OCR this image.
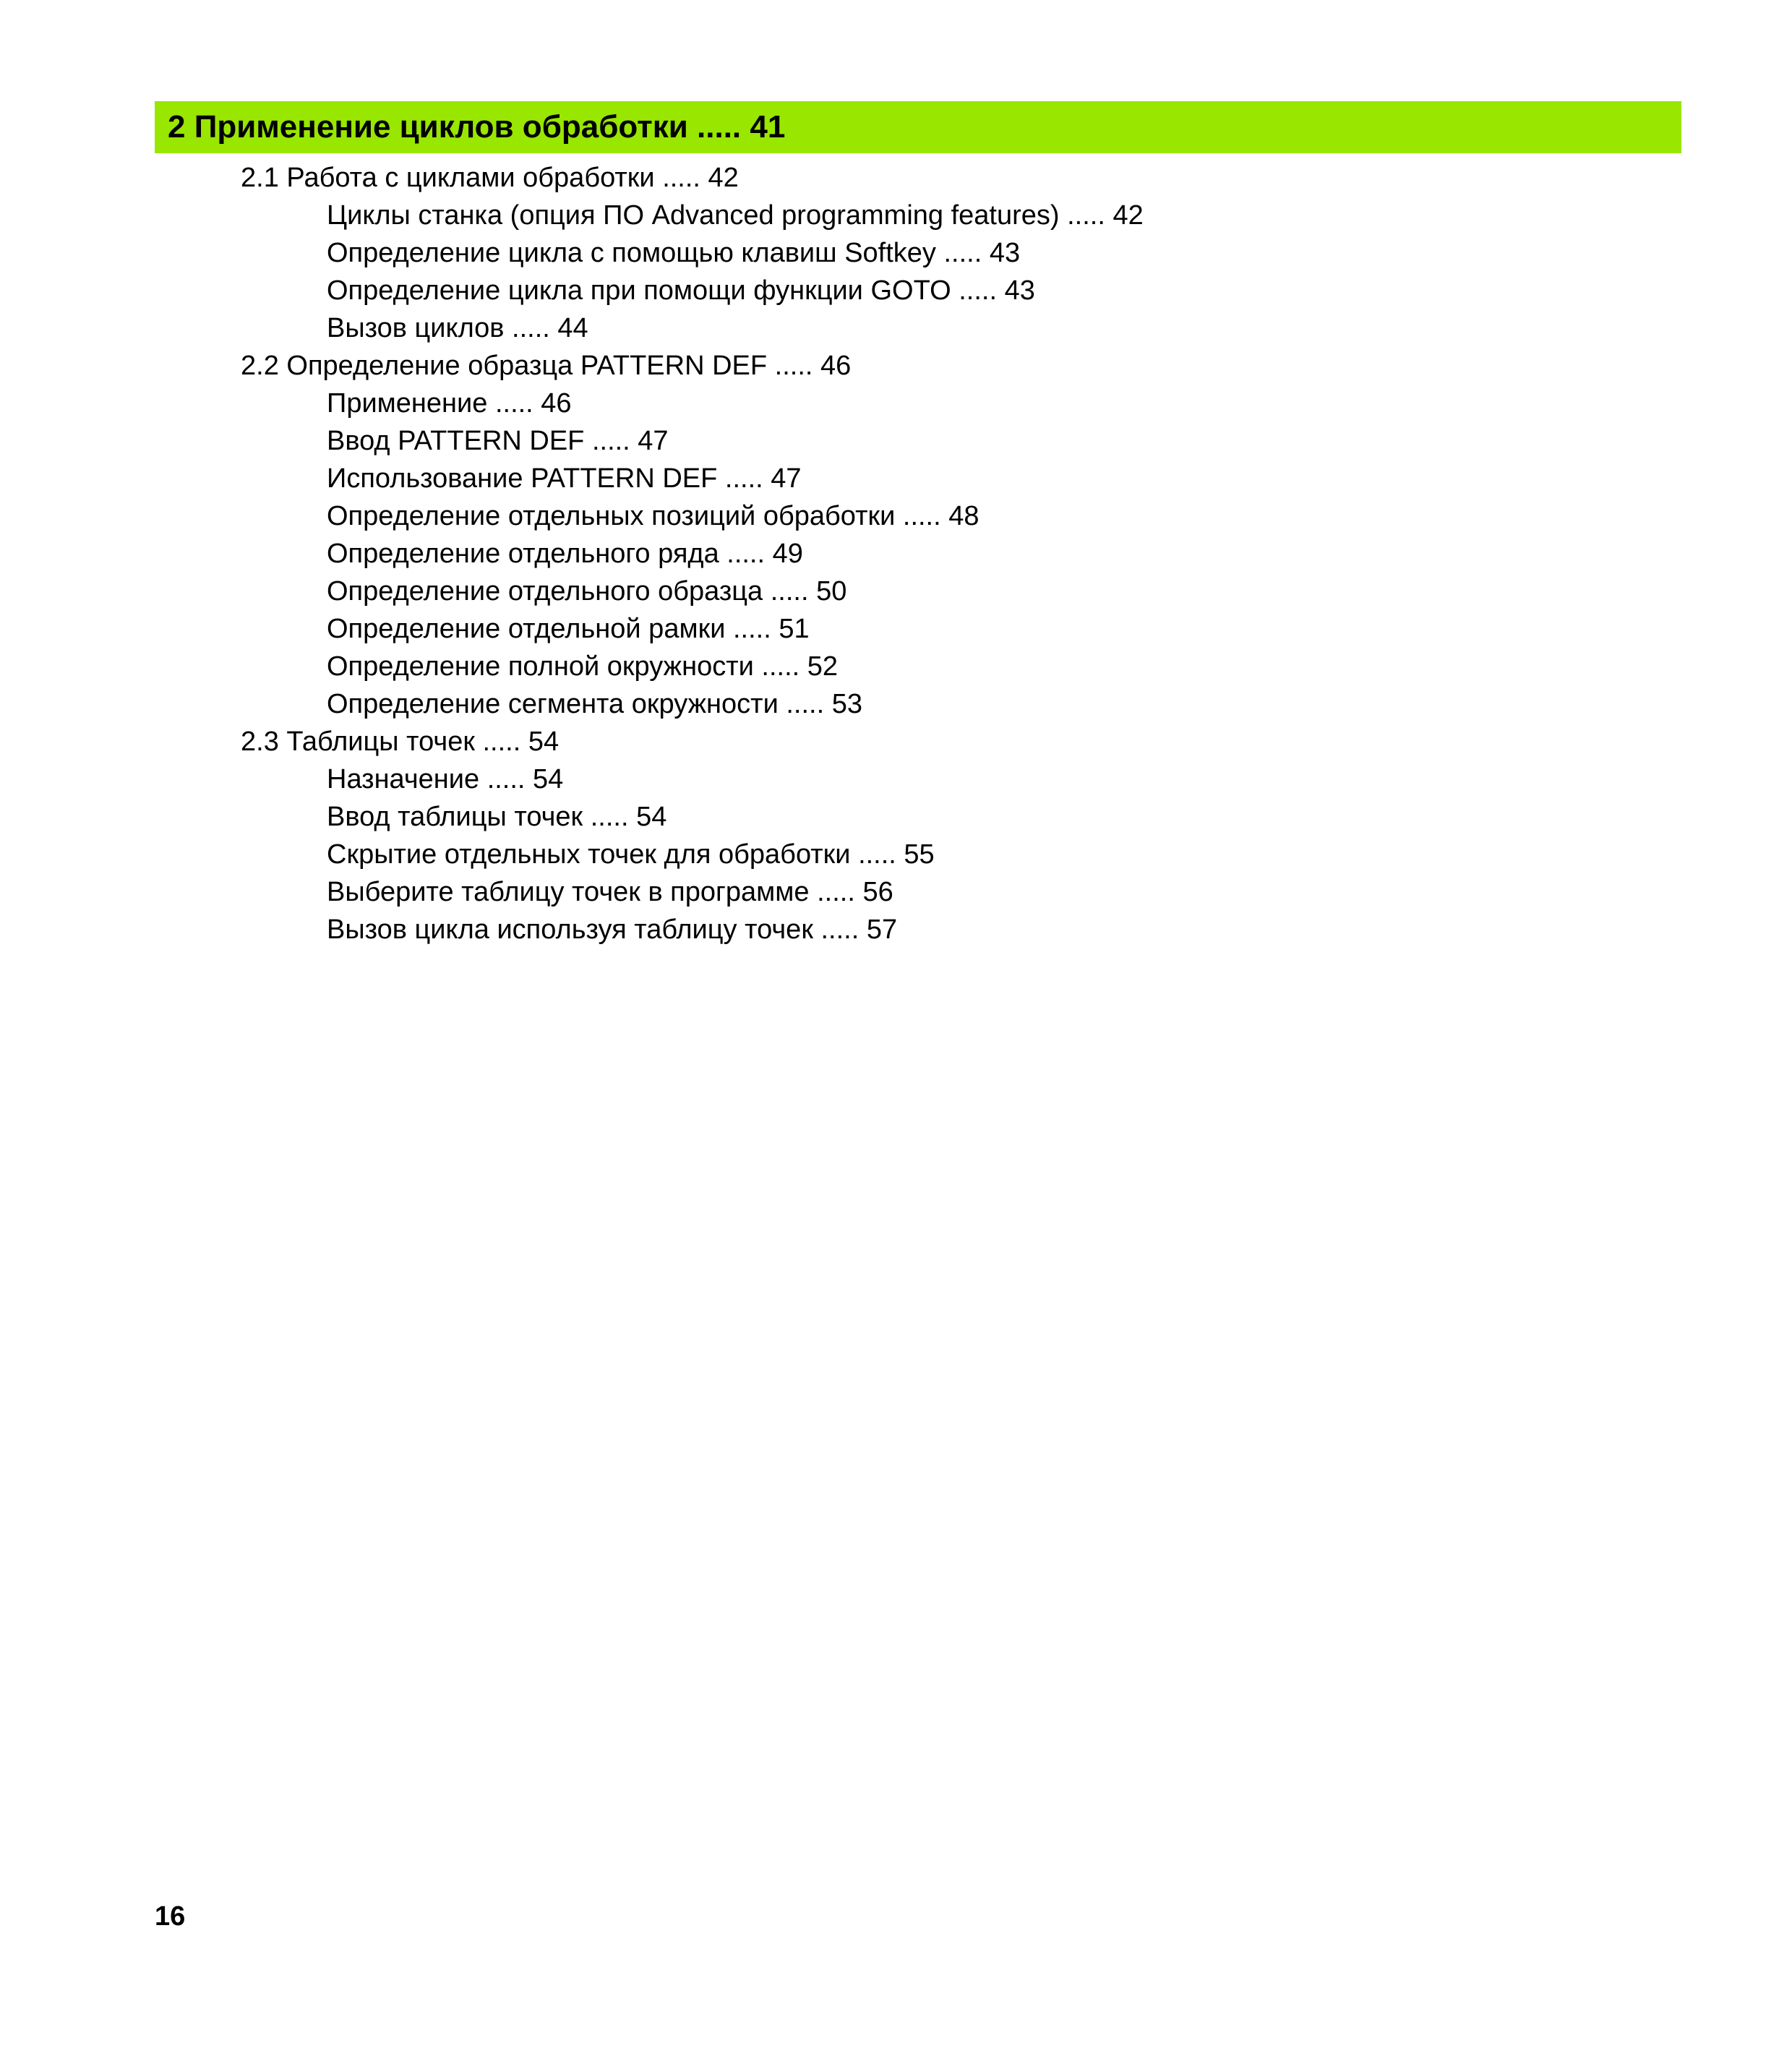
2 Применение циклов обработки ..... 41
2.1 Работа с циклами обработки ..... 42
Циклы станка (опция ПО Advanced programming features) ..... 42
Определение цикла с помощью клавиш Softkey ..... 43
Определение цикла при помощи функции GOTO ..... 43
Вызов циклов ..... 44
2.2 Определение образца PATTERN DEF ..... 46
Применение ..... 46
Ввод PATTERN DEF ..... 47
Использование PATTERN DEF ..... 47
Определение отдельных позиций обработки ..... 48
Определение отдельного ряда ..... 49
Определение отдельного образца ..... 50
Определение отдельной рамки ..... 51
Определение полной окружности ..... 52
Определение сегмента окружности ..... 53
2.3 Таблицы точек ..... 54
Назначение ..... 54
Ввод таблицы точек ..... 54
Скрытие отдельных точек для обработки ..... 55
Выберите таблицу точек в программе ..... 56
Вызов цикла используя таблицу точек ..... 57
16
